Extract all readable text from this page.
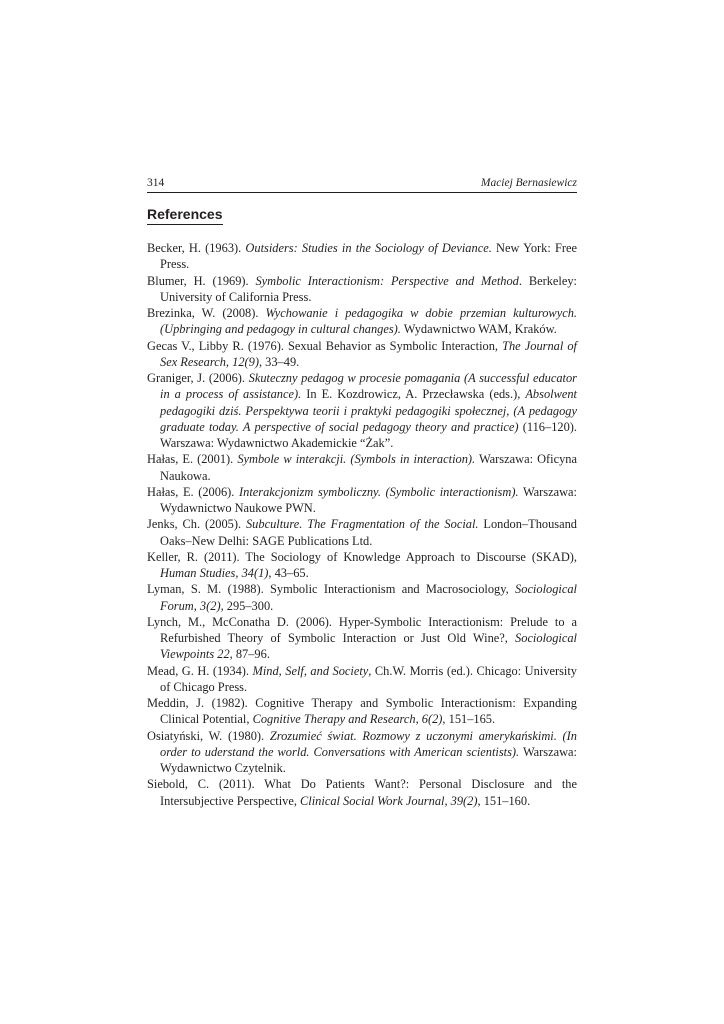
314	Maciej Bernasiewicz
References
Becker, H. (1963). Outsiders: Studies in the Sociology of Deviance. New York: Free Press.
Blumer, H. (1969). Symbolic Interactionism: Perspective and Method. Berkeley: University of California Press.
Brezinka, W. (2008). Wychowanie i pedagogika w dobie przemian kulturowych. (Upbringing and pedagogy in cultural changes). Wydawnictwo WAM, Kraków.
Gecas V., Libby R. (1976). Sexual Behavior as Symbolic Interaction, The Journal of Sex Research, 12(9), 33–49.
Graniger, J. (2006). Skuteczny pedagog w procesie pomagania (A successful educator in a process of assistance). In E. Kozdrowicz, A. Przecławska (eds.), Absolwent pedagogiki dziś. Perspektywa teorii i praktyki pedagogiki społecznej, (A pedagogy graduate today. A perspective of social pedagogy theory and practice) (116–120). Warszawa: Wydawnictwo Akademickie “Żak”.
Hałas, E. (2001). Symbole w interakcji. (Symbols in interaction). Warszawa: Oficyna Naukowa.
Hałas, E. (2006). Interakcjonizm symboliczny. (Symbolic interactionism). Warszawa: Wydawnictwo Naukowe PWN.
Jenks, Ch. (2005). Subculture. The Fragmentation of the Social. London–Thousand Oaks–New Delhi: SAGE Publications Ltd.
Keller, R. (2011). The Sociology of Knowledge Approach to Discourse (SKAD), Human Studies, 34(1), 43–65.
Lyman, S. M. (1988). Symbolic Interactionism and Macrosociology, Sociological Forum, 3(2), 295–300.
Lynch, M., McConatha D. (2006). Hyper-Symbolic Interactionism: Prelude to a Refurbished Theory of Symbolic Interaction or Just Old Wine?, Sociological Viewpoints 22, 87–96.
Mead, G. H. (1934). Mind, Self, and Society, Ch.W. Morris (ed.). Chicago: University of Chicago Press.
Meddin, J. (1982). Cognitive Therapy and Symbolic Interactionism: Expanding Clinical Potential, Cognitive Therapy and Research, 6(2), 151–165.
Osiatyński, W. (1980). Zrozumieć świat. Rozmowy z uczonymi amerykańskimi. (In order to uderstand the world. Conversations with American scientists). Warszawa: Wydawnictwo Czytelnik.
Siebold, C. (2011). What Do Patients Want?: Personal Disclosure and the Intersubjective Perspective, Clinical Social Work Journal, 39(2), 151–160.
